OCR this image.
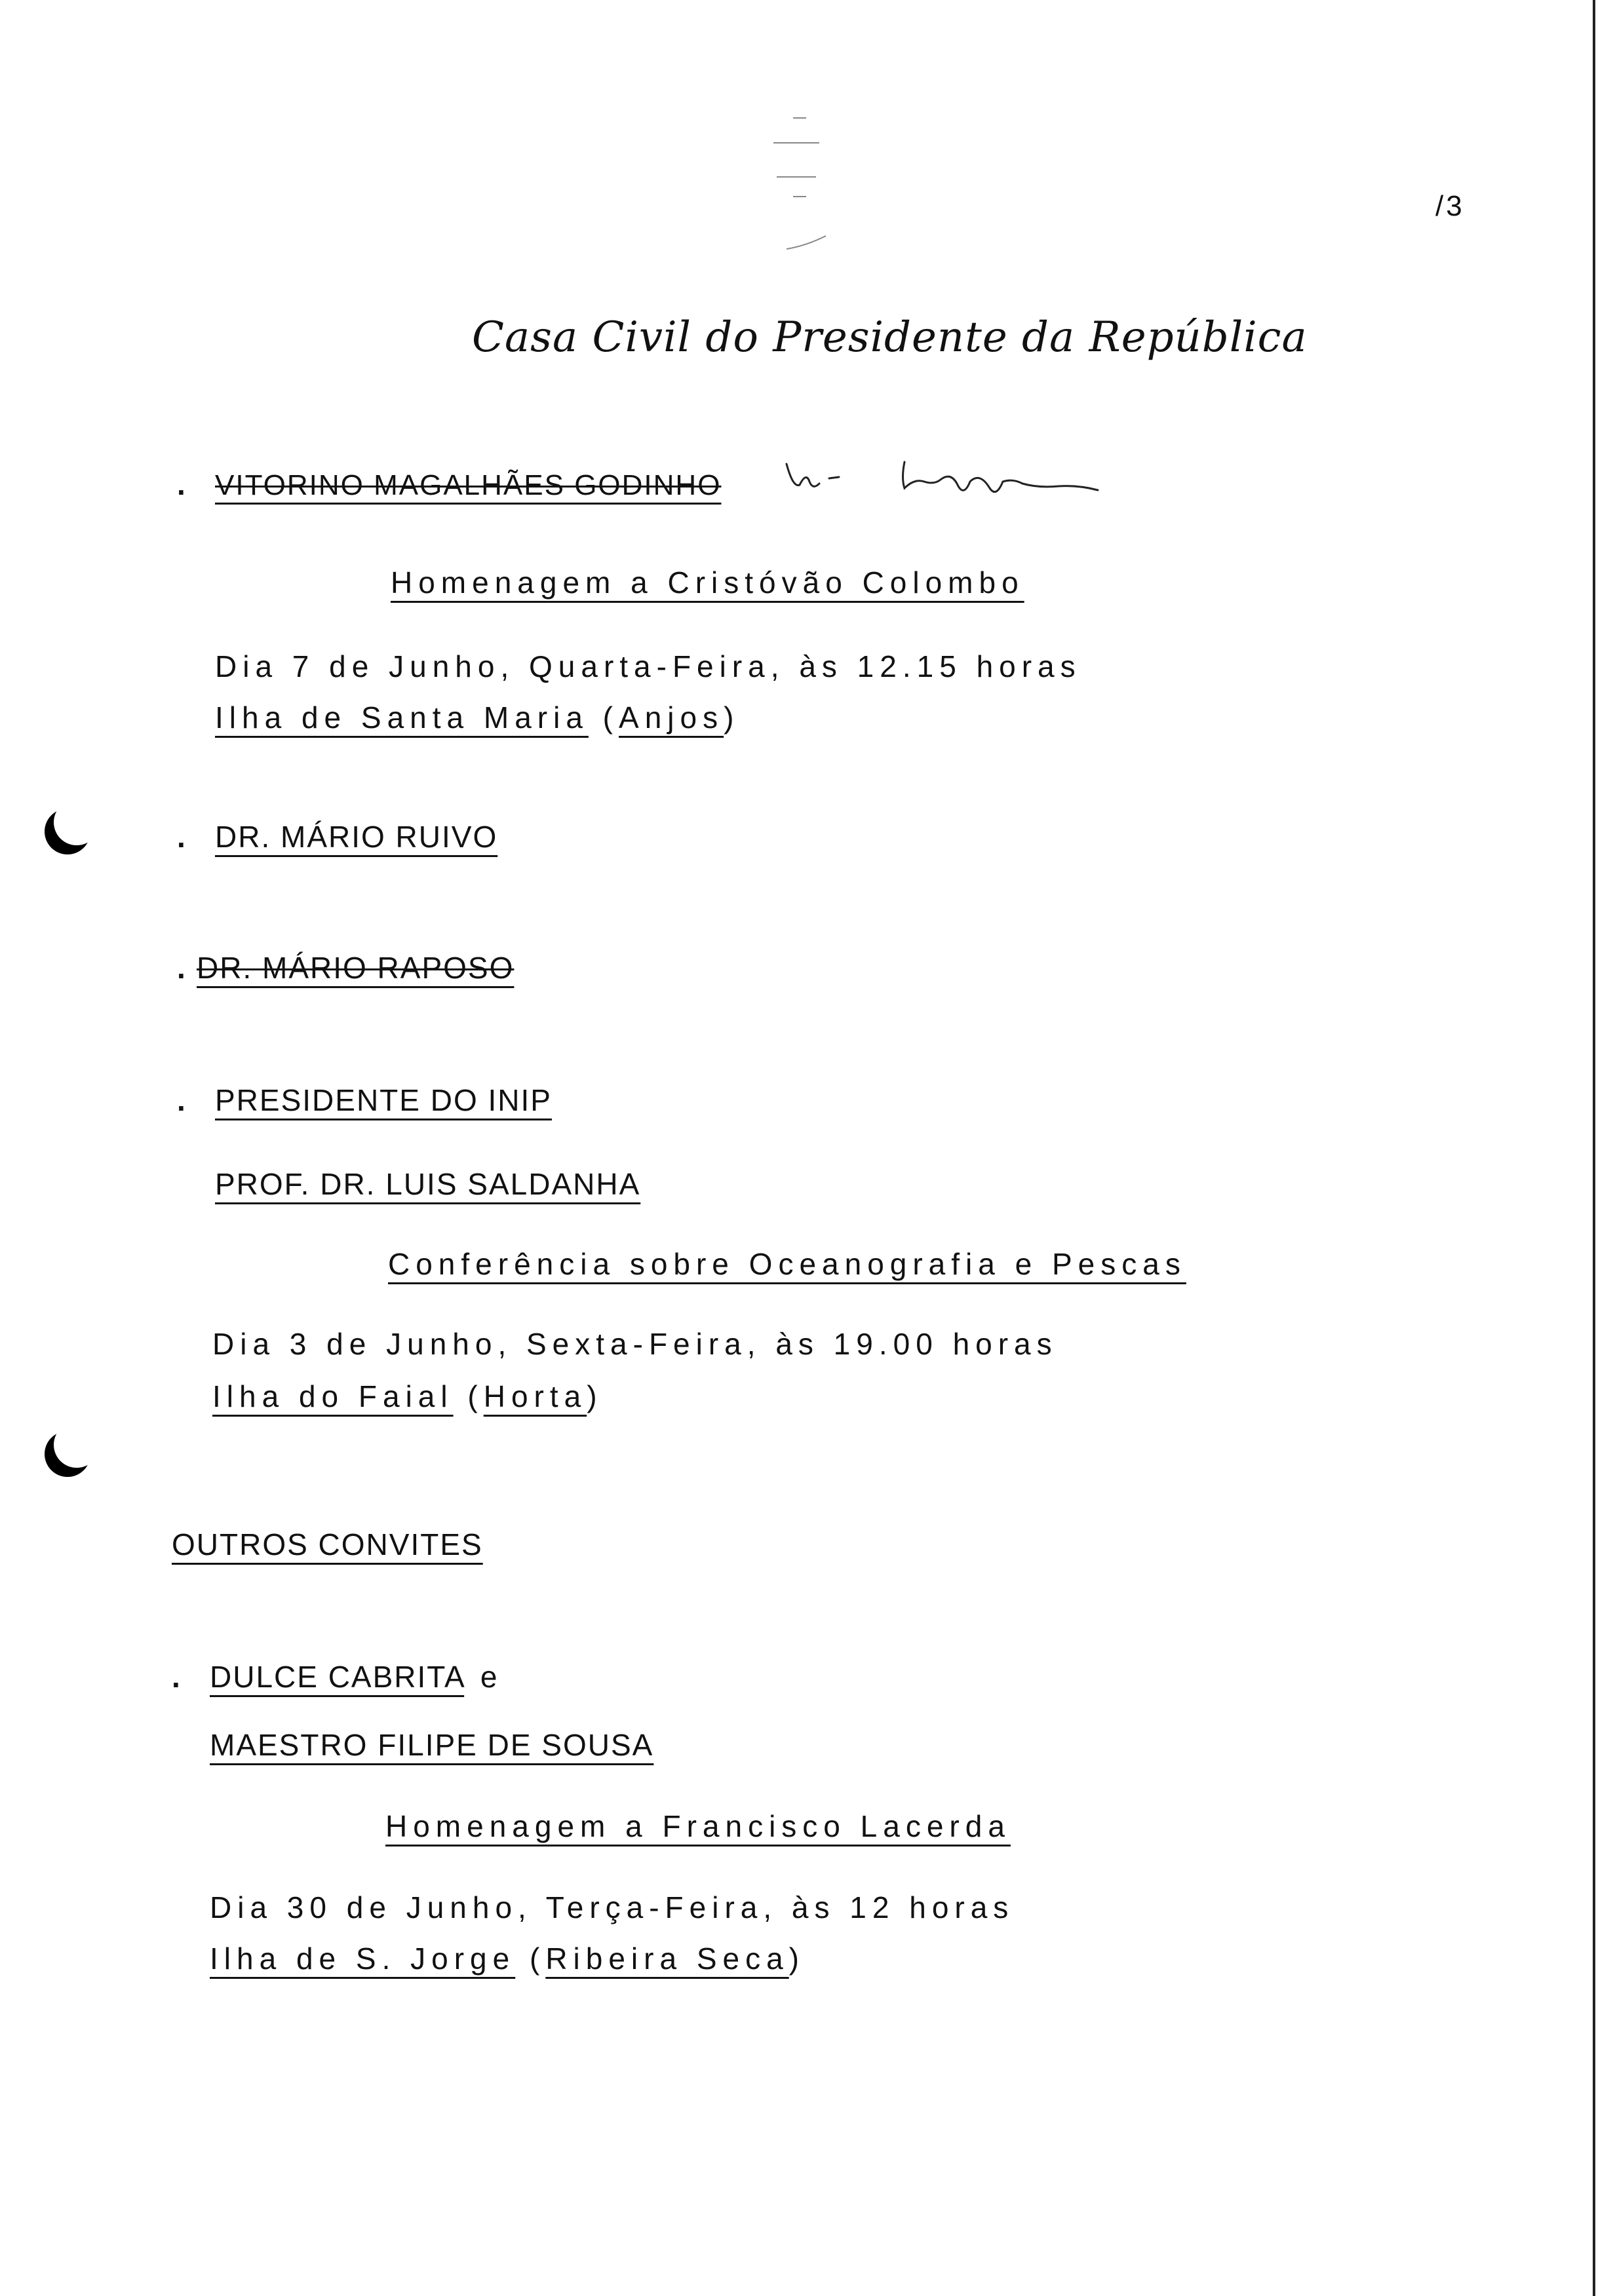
/3
Casa Civil do Presidente da República
. VITORINO MAGALHÃES GODINHO
Homenagem a Cristóvão Colombo
Dia 7 de Junho, Quarta-Feira, às 12.15 horas
Ilha de Santa Maria (Anjos)
. DR. MÁRIO RUIVO
. DR. MÁRIO RAPOSO
. PRESIDENTE DO INIP
PROF. DR. LUIS SALDANHA
Conferência sobre Oceanografia e Pescas
Dia 3 de Junho, Sexta-Feira, às 19.00 horas
Ilha do Faial (Horta)
OUTROS CONVITES
. DULCE CABRITA e
MAESTRO FILIPE DE SOUSA
Homenagem a Francisco Lacerda
Dia 30 de Junho, Terça-Feira, às 12 horas
Ilha de S. Jorge (Ribeira Seca)
